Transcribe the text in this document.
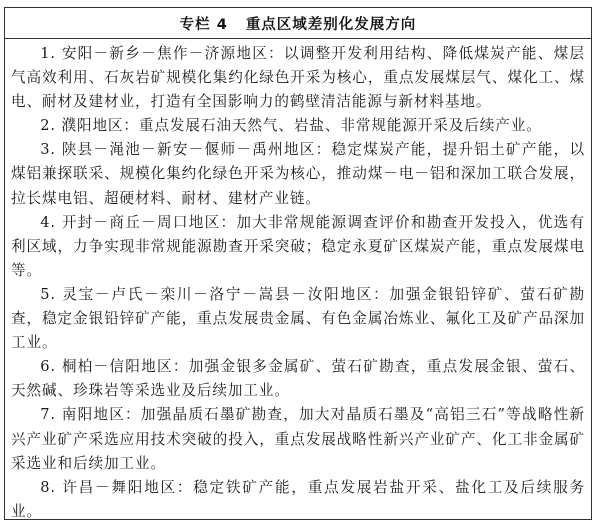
专栏 4 重点区域差别化发展方向

1. 安阳－新乡－焦作－济源地区：以调整开发利用结构、降低煤炭产能、煤层气高效利用、石灰岩矿规模化集约化绿色开采为核心，重点发展煤层气、煤化工、煤电、耐材及建材业，打造有全国影响力的鹤壁清洁能源与新材料基地。

2. 濮阳地区：重点发展石油天然气、岩盐、非常规能源开采及后续产业。

3. 陕县－渑池－新安－偃师－禹州地区：稳定煤炭产能，提升铝土矿产能，以煤铝兼探联采、规模化集约化绿色开采为核心，推动煤－电－铝和深加工联合发展，拉长煤电铝、超硬材料、耐材、建材产业链。

4. 开封－商丘－周口地区：加大非常规能源调查评价和勘查开发投入，优选有利区域，力争实现非常规能源勘查开采突破；稳定永夏矿区煤炭产能，重点发展煤电等。

5. 灵宝－卢氏－栾川－洛宁－嵩县－汝阳地区：加强金银铅锌矿、萤石矿勘查，稳定金银铅锌矿产能，重点发展贵金属、有色金属冶炼业、氟化工及矿产品深加工业。

6. 桐柏－信阳地区：加强金银多金属矿、萤石矿勘查，重点发展金银、萤石、天然碱、珍珠岩等采选业及后续加工业。

7. 南阳地区：加强晶质石墨矿勘查，加大对晶质石墨及“高铝三石”等战略性新兴产业矿产采选应用技术突破的投入，重点发展战略性新兴产业矿产、化工非金属矿采选业和后续加工业。

8. 许昌－舞阳地区：稳定铁矿产能，重点发展岩盐开采、盐化工及后续服务业。
